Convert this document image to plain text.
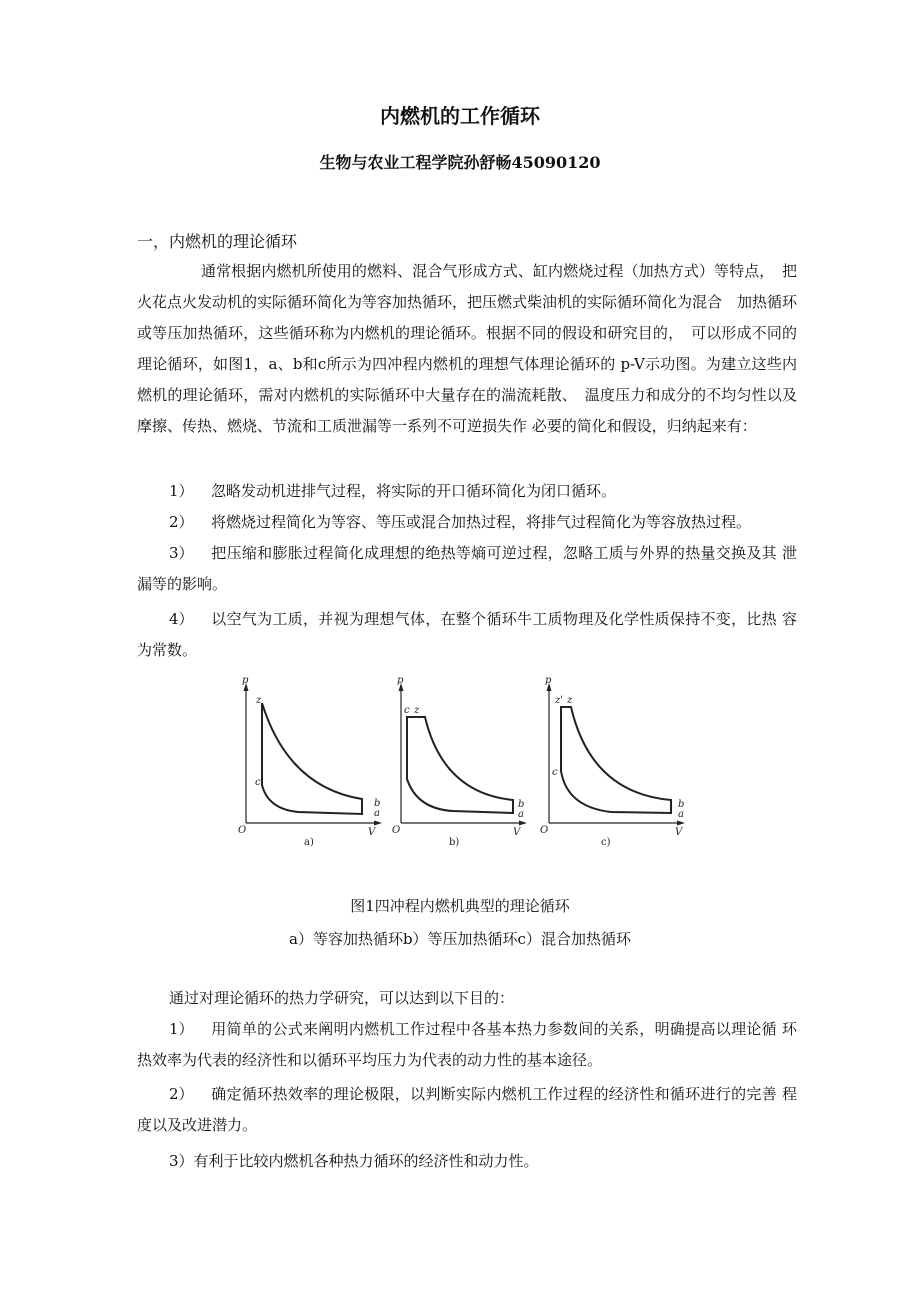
内燃机的工作循环
生物与农业工程学院孙舒畅45090120
一，内燃机的理论循环
通常根据内燃机所使用的燃料、混合气形成方式、缸内燃烧过程（加热方式）等特点，　把火花点火发动机的实际循环简化为等容加热循环，把压燃式柴油机的实际循环简化为混合　加热循环或等压加热循环，这些循环称为内燃机的理论循环。根据不同的假设和研究目的，　可以形成不同的理论循环，如图1，a、b和c所示为四冲程内燃机的理想气体理论循环的 p-V示功图。为建立这些内燃机的理论循环，需对内燃机的实际循环中大量存在的湍流耗散、　温度压力和成分的不均匀性以及摩擦、传热、燃烧、节流和工质泄漏等一系列不可逆损失作 必要的简化和假设，归纳起来有：
1） 忽略发动机进排气过程，将实际的开口循环简化为闭口循环。
2） 将燃烧过程简化为等容、等压或混合加热过程，将排气过程简化为等容放热过程。
3） 把压缩和膨胀过程简化成理想的绝热等熵可逆过程，忽略工质与外界的热量交换及其 泄漏等的影响。
4） 以空气为工质，并视为理想气体，在整个循环牛工质物理及化学性质保持不变，比热 容为常数。
p
O	V
z
c
b
a
a)
p
O	V
c z
b
a
b)
p
O	V
z' z
c
b
a
c)
图1四冲程内燃机典型的理论循环
a）等容加热循环b）等压加热循环c）混合加热循环
通过对理论循环的热力学研究，可以达到以下目的：
1） 用简单的公式来阐明内燃机工作过程中各基本热力参数间的关系，明确提高以理论循 环热效率为代表的经济性和以循环平均压力为代表的动力性的基本途径。
2） 确定循环热效率的理论极限，以判断实际内燃机工作过程的经济性和循环进行的完善 程度以及改进潜力。
3）有利于比较内燃机各种热力循环的经济性和动力性。
